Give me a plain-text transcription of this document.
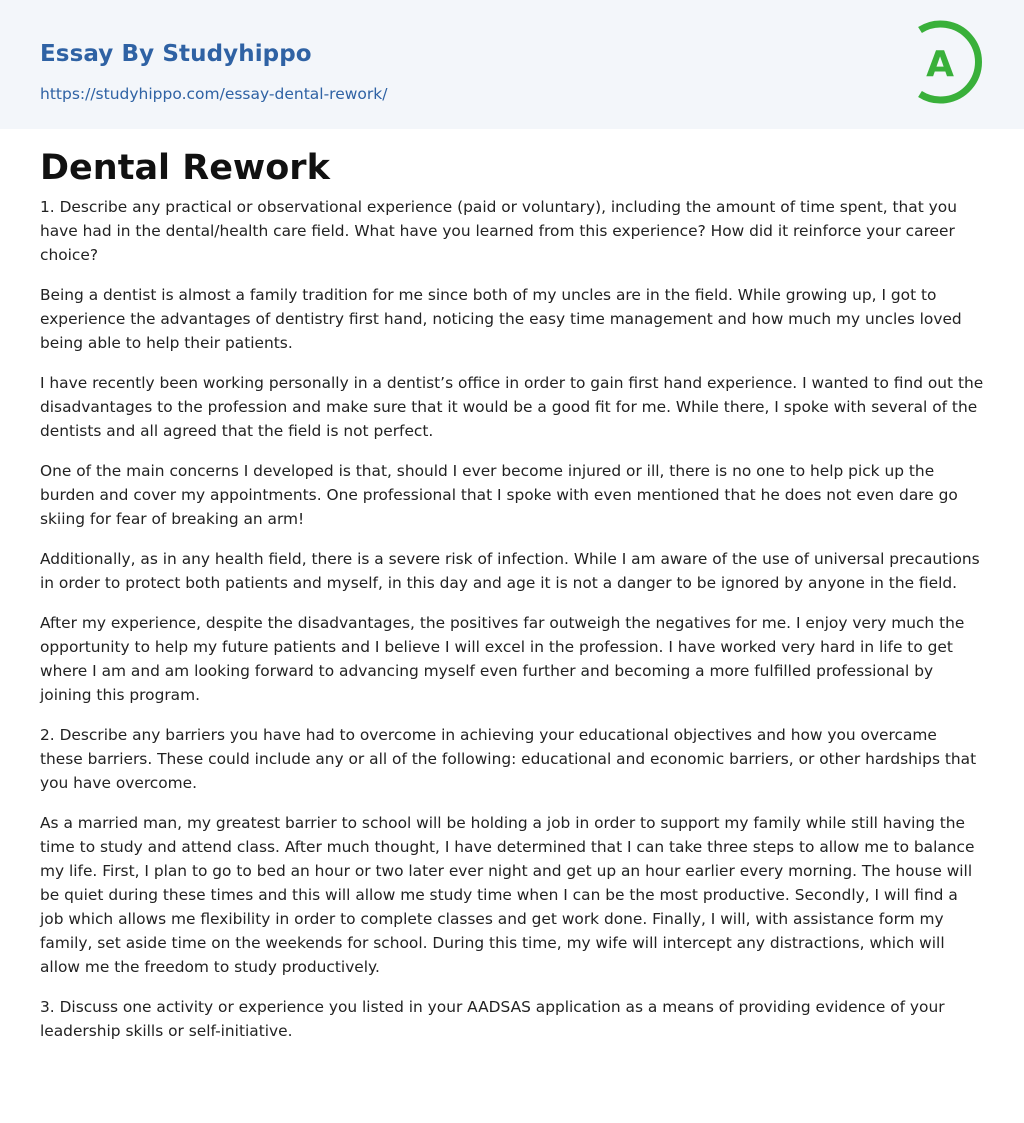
Essay By Studyhippo
https://studyhippo.com/essay-dental-rework/
A
Dental Rework

1. Describe any practical or observational experience (paid or voluntary), including the amount of time spent, that you have had in the dental/health care field. What have you learned from this experience? How did it reinforce your career choice?

Being a dentist is almost a family tradition for me since both of my uncles are in the field. While growing up, I got to experience the advantages of dentistry first hand, noticing the easy time management and how much my uncles loved being able to help their patients.

I have recently been working personally in a dentist’s office in order to gain first hand experience. I wanted to find out the disadvantages to the profession and make sure that it would be a good fit for me. While there, I spoke with several of the dentists and all agreed that the field is not perfect.

One of the main concerns I developed is that, should I ever become injured or ill, there is no one to help pick up the burden and cover my appointments. One professional that I spoke with even mentioned that he does not even dare go skiing for fear of breaking an arm!

Additionally, as in any health field, there is a severe risk of infection. While I am aware of the use of universal precautions in order to protect both patients and myself, in this day and age it is not a danger to be ignored by anyone in the field.

After my experience, despite the disadvantages, the positives far outweigh the negatives for me. I enjoy very much the opportunity to help my future patients and I believe I will excel in the profession. I have worked very hard in life to get where I am and am looking forward to advancing myself even further and becoming a more fulfilled professional by joining this program.

2. Describe any barriers you have had to overcome in achieving your educational objectives and how you overcame these barriers. These could include any or all of the following: educational and economic barriers, or other hardships that you have overcome.

As a married man, my greatest barrier to school will be holding a job in order to support my family while still having the time to study and attend class. After much thought, I have determined that I can take three steps to allow me to balance my life. First, I plan to go to bed an hour or two later ever night and get up an hour earlier every morning. The house will be quiet during these times and this will allow me study time when I can be the most productive. Secondly, I will find a job which allows me flexibility in order to complete classes and get work done. Finally, I will, with assistance form my family, set aside time on the weekends for school. During this time, my wife will intercept any distractions, which will allow me the freedom to study productively.

3. Discuss one activity or experience you listed in your AADSAS application as a means of providing evidence of your leadership skills or self-initiative.
